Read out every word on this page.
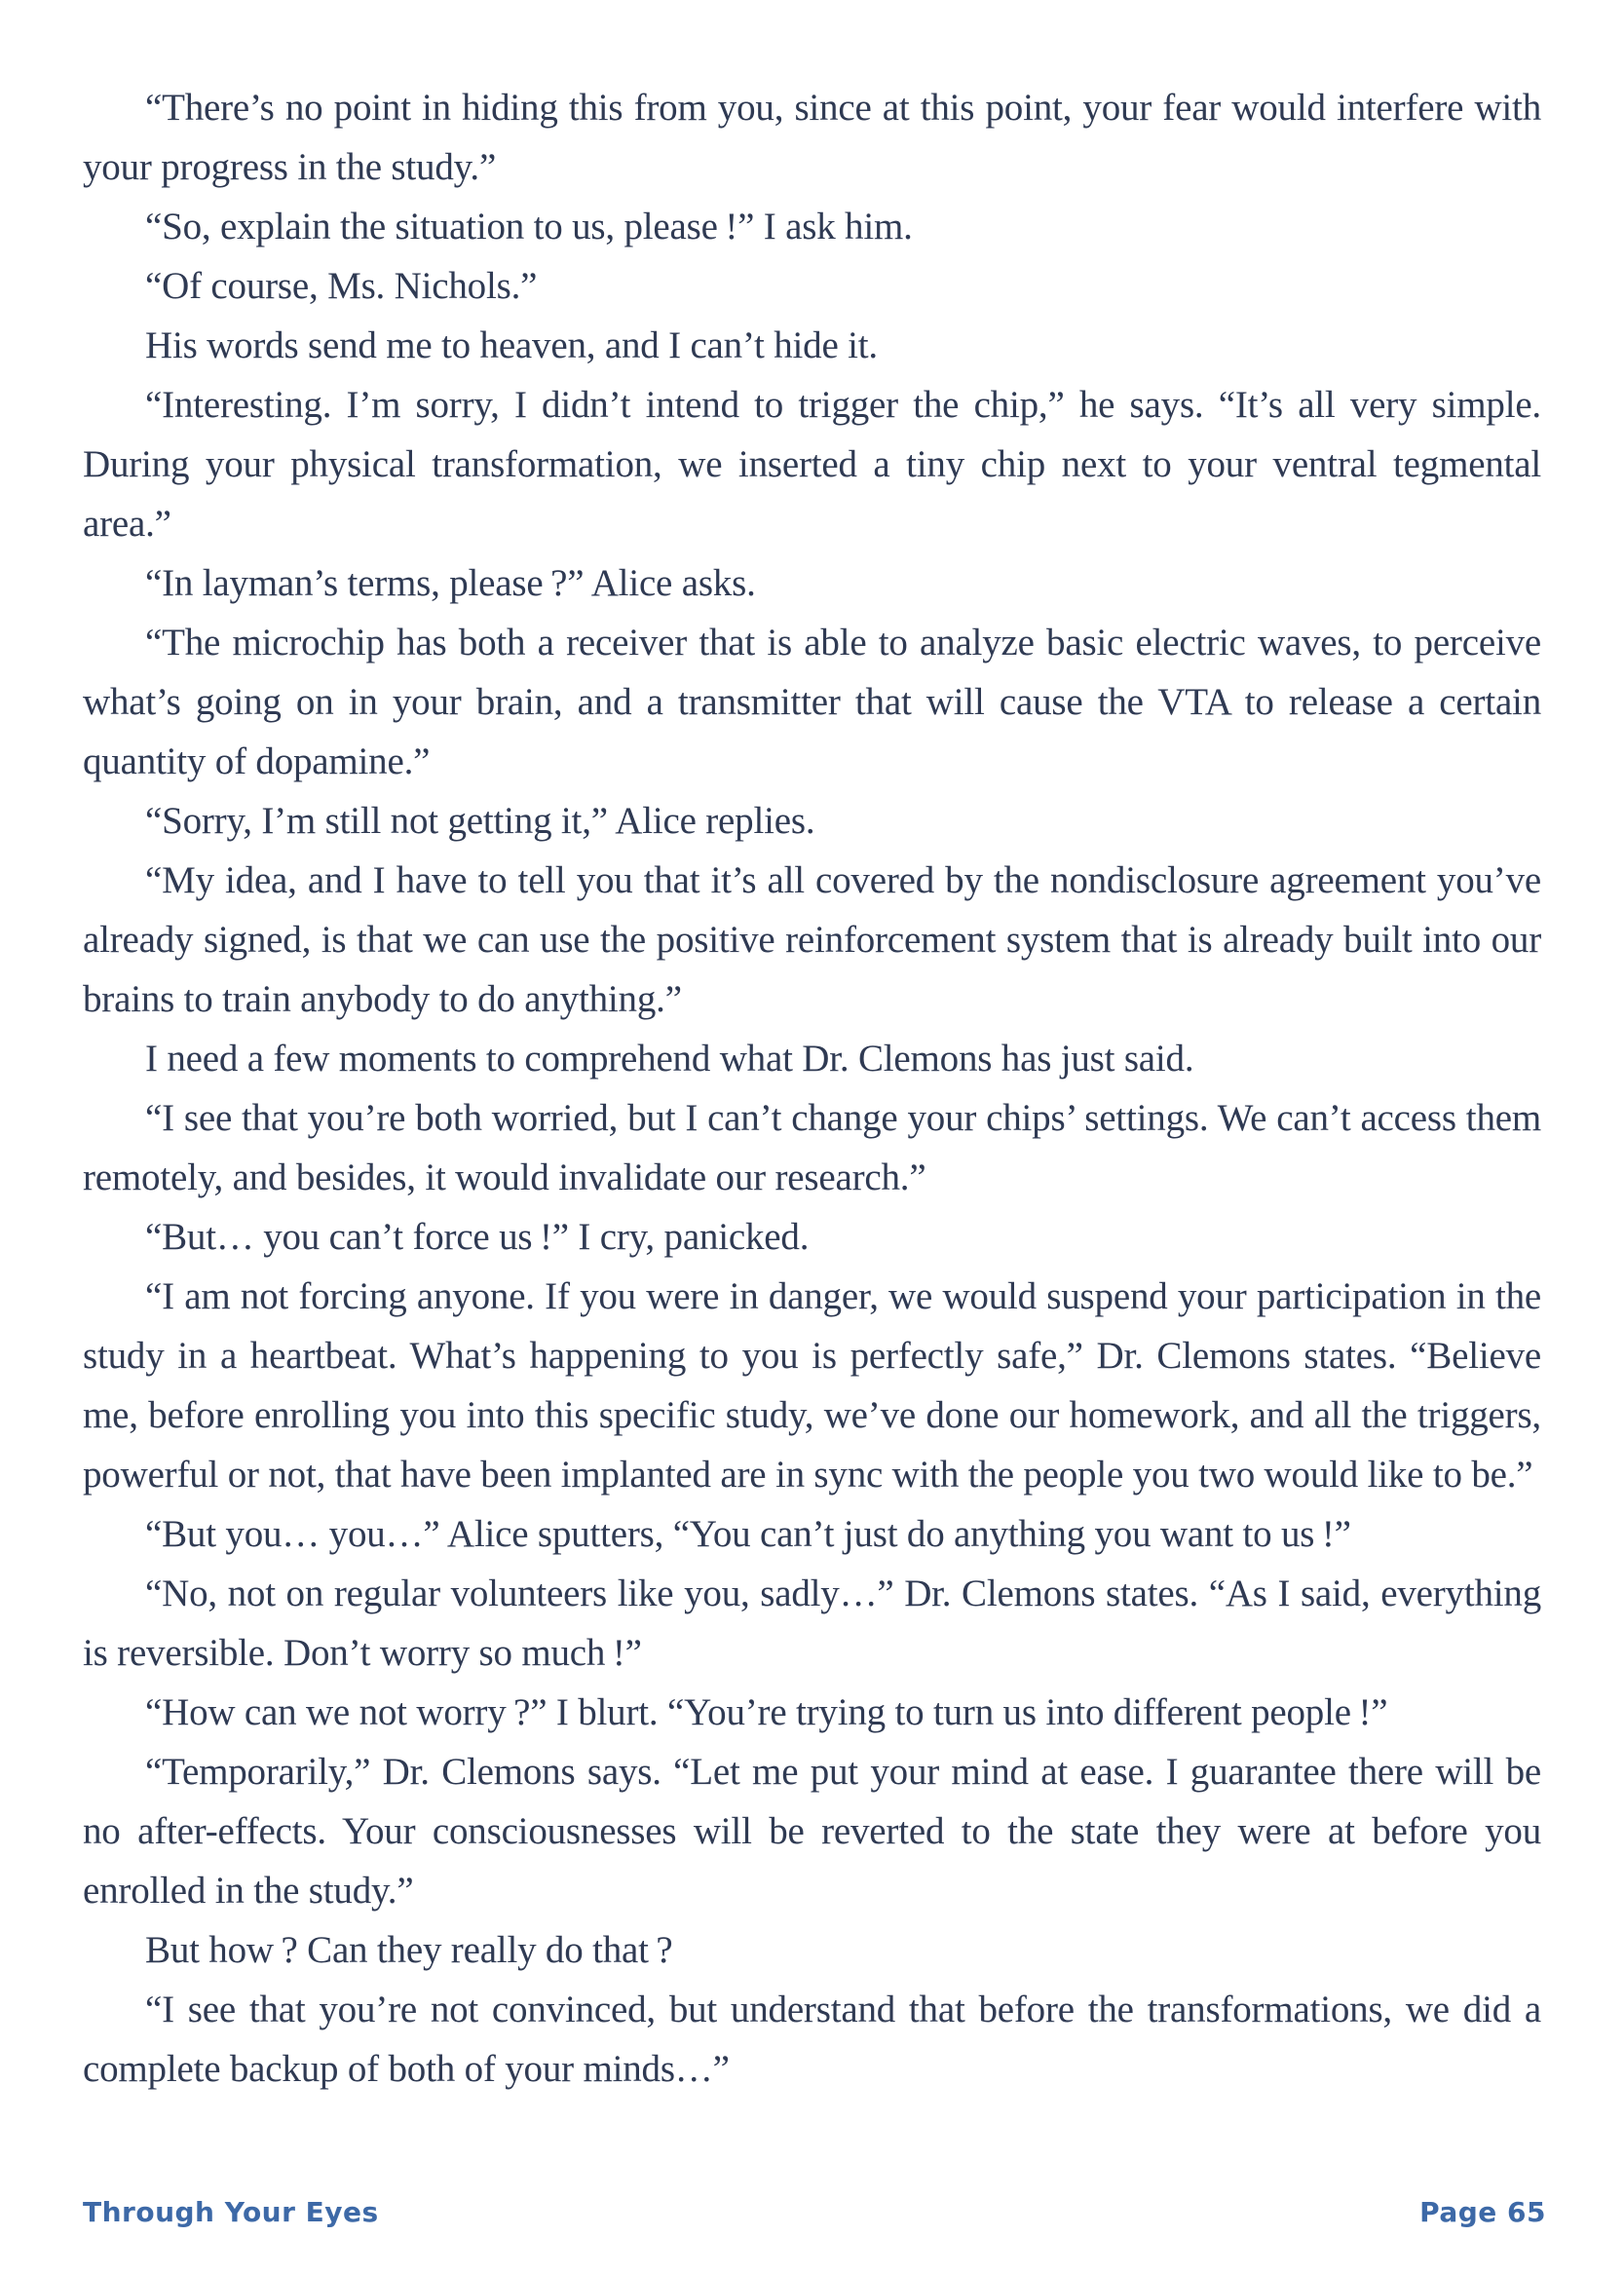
“There’s no point in hiding this from you, since at this point, your fear would interfere with your progress in the study.”

“So, explain the situation to us, please !” I ask him.

“Of course, Ms. Nichols.”

His words send me to heaven, and I can’t hide it.

“Interesting. I’m sorry, I didn’t intend to trigger the chip,” he says. “It’s all very simple. During your physical transformation, we inserted a tiny chip next to your ventral tegmental area.”

“In layman’s terms, please ?” Alice asks.

“The microchip has both a receiver that is able to analyze basic electric waves, to perceive what’s going on in your brain, and a transmitter that will cause the VTA to release a certain quantity of dopamine.”

“Sorry, I’m still not getting it,” Alice replies.

“My idea, and I have to tell you that it’s all covered by the nondisclosure agreement you’ve already signed, is that we can use the positive reinforcement system that is already built into our brains to train anybody to do anything.”

I need a few moments to comprehend what Dr. Clemons has just said.

“I see that you’re both worried, but I can’t change your chips’ settings. We can’t access them remotely, and besides, it would invalidate our research.”

“But… you can’t force us !” I cry, panicked.

“I am not forcing anyone. If you were in danger, we would suspend your participation in the study in a heartbeat. What’s happening to you is perfectly safe,” Dr. Clemons states. “Believe me, before enrolling you into this specific study, we’ve done our homework, and all the triggers, powerful or not, that have been implanted are in sync with the people you two would like to be.”

“But you… you…” Alice sputters, “You can’t just do anything you want to us !”

“No, not on regular volunteers like you, sadly…” Dr. Clemons states. “As I said, everything is reversible. Don’t worry so much !”

“How can we not worry ?” I blurt. “You’re trying to turn us into different people !”

“Temporarily,” Dr. Clemons says. “Let me put your mind at ease. I guarantee there will be no after-effects. Your consciousnesses will be reverted to the state they were at before you enrolled in the study.”

But how ? Can they really do that ?

“I see that you’re not convinced, but understand that before the transformations, we did a complete backup of both of your minds…”

Through Your Eyes	Page 65
